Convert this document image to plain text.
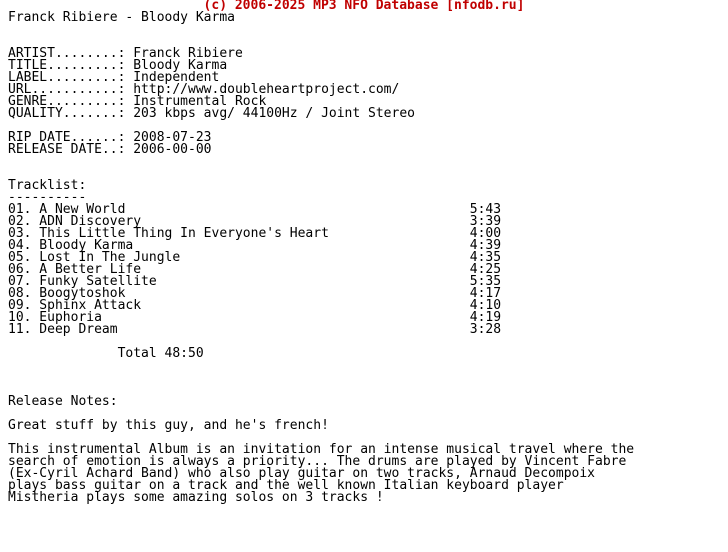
(c) 2006-2025 MP3 NFO Database [nfodb.ru]
Franck Ribiere - Bloody Karma
ARTIST........: Franck Ribiere
TITLE.........: Bloody Karma
LABEL.........: Independent
URL...........: http://www.doubleheartproject.com/
GENRE.........: Instrumental Rock
QUALITY.......: 203 kbps avg/ 44100Hz / Joint Stereo
RIP DATE......: 2008-07-23
RELEASE DATE..: 2006-00-00
Tracklist:
----------
01. A New World                                            5:43
02. ADN Discovery                                          3:39
03. This Little Thing In Everyone's Heart                  4:00
04. Bloody Karma                                           4:39
05. Lost In The Jungle                                     4:35
06. A Better Life                                          4:25
07. Funky Satellite                                        5:35
08. Boogytoshok                                            4:17
09. Sphinx Attack                                          4:10
10. Euphoria                                               4:19
11. Deep Dream                                             3:28
Total 48:50
Release Notes:
Great stuff by this guy, and he's french!
This instrumental Album is an invitation for an intense musical travel where the
search of emotion is always a priority... The drums are played by Vincent Fabre
(Ex-Cyril Achard Band) who also play guitar on two tracks, Arnaud Decompoix
plays bass guitar on a track and the well known Italian keyboard player
Mistheria plays some amazing solos on 3 tracks !
